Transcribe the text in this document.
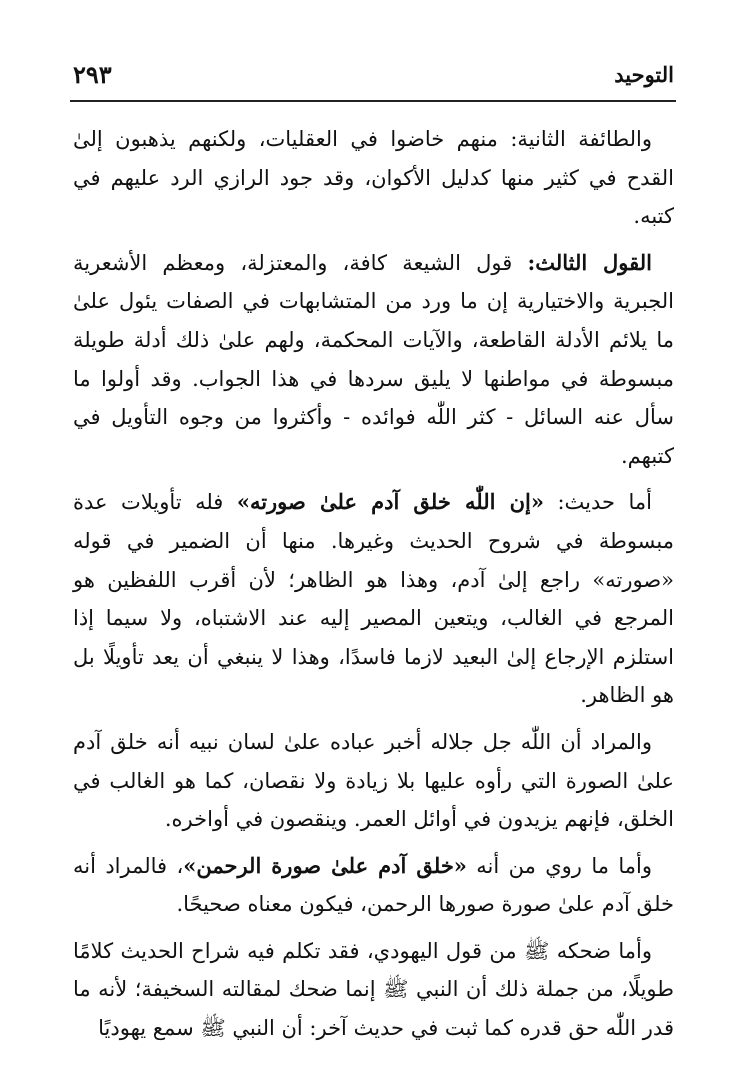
التوحيد
٢٩٣

والطائفة الثانية: منهم خاضوا في العقليات، ولكنهم يذهبون إلىٰ القدح في كثير منها كدليل الأكوان، وقد جود الرازي الرد عليهم في كتبه.

القول الثالث: قول الشيعة كافة، والمعتزلة، ومعظم الأشعرية الجبرية والاختيارية إن ما ورد من المتشابهات في الصفات يئول علىٰ ما يلائم الأدلة القاطعة، والآيات المحكمة، ولهم علىٰ ذلك أدلة طويلة مبسوطة في مواطنها لا يليق سردها في هذا الجواب. وقد أولوا ما سأل عنه السائل - كثر اللّٰه فوائده - وأكثروا من وجوه التأويل في كتبهم.

أما حديث: «إن اللّٰه خلق آدم علىٰ صورته» فله تأويلات عدة مبسوطة في شروح الحديث وغيرها. منها أن الضمير في قوله «صورته» راجع إلىٰ آدم، وهذا هو الظاهر؛ لأن أقرب اللفظين هو المرجع في الغالب، ويتعين المصير إليه عند الاشتباه، ولا سيما إذا استلزم الإرجاع إلىٰ البعيد لازما فاسدًا، وهذا لا ينبغي أن يعد تأويلًا بل هو الظاهر.

والمراد أن اللّٰه جل جلاله أخبر عباده علىٰ لسان نبيه أنه خلق آدم علىٰ الصورة التي رأوه عليها بلا زيادة ولا نقصان، كما هو الغالب في الخلق، فإنهم يزيدون في أوائل العمر. وينقصون في أواخره.

وأما ما روي من أنه «خلق آدم علىٰ صورة الرحمن»، فالمراد أنه خلق آدم علىٰ صورة صورها الرحمن، فيكون معناه صحيحًا.

وأما ضحكه ﷺ من قول اليهودي، فقد تكلم فيه شراح الحديث كلامًا طويلًا، من جملة ذلك أن النبي ﷺ إنما ضحك لمقالته السخيفة؛ لأنه ما قدر اللّٰه حق قدره كما ثبت في حديث آخر: أن النبي ﷺ سمع يهوديًا
